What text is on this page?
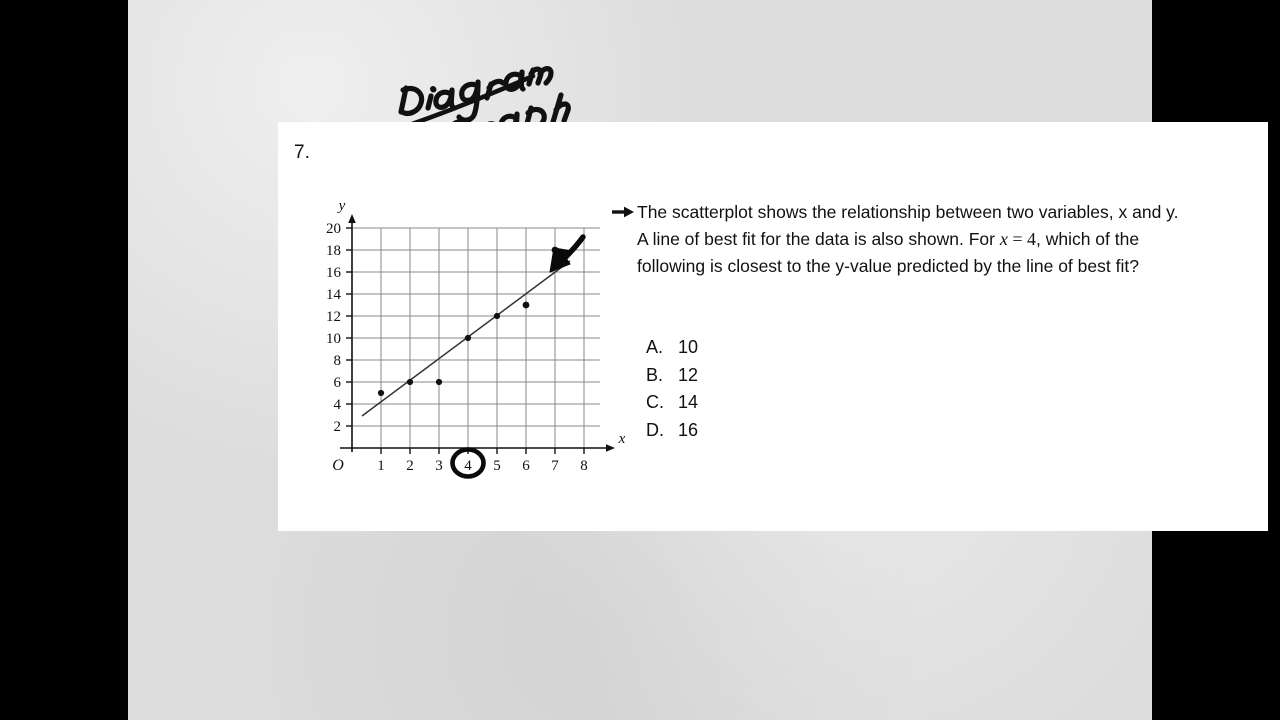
7.
2
4
6
8
10
12
14
16
18
20
1 2 3 4 5 6 7 8
O
y
x
The scatterplot shows the relationship between two variables, x and y.
A line of best fit for the data is also shown. For x = 4, which of the
following is closest to the y-value predicted by the line of best fit?
A. 10
B. 12
C. 14
D. 16
